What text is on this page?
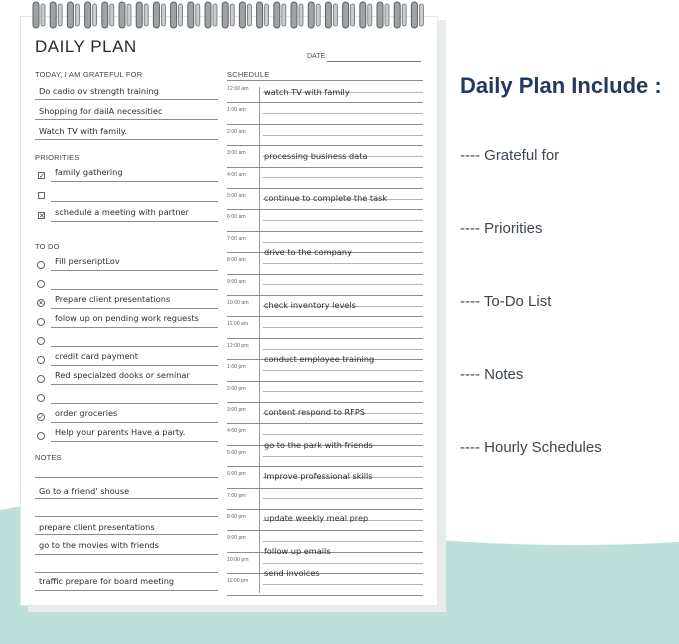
DAILY PLAN
DATE:
TODAY, I AM GRATEFUL FOR
Do cadio ov strength training
Shopping for dailA necessitiec
Watch TV with family.
PRIORITIES
✓ family gathering
✕ schedule a meeting with partner
TO DO
Fill perseriptLov
✕ Prepare client presentations
folow up on pending work reguests
credit card payment
Red specialzed dooks or seminar
✓ order groceries
Help your parents Have a party.
NOTES
Go to a friend' shouse
prepare client presentations
go to the movies with friends
traffic prepare for board meeting
SCHEDULE
12:00 am
1:00 am
2:00 am
3:00 am
4:00 am
5:00 am
6:00 am
7:00 am
8:00 am
9:00 am
10:00 am
11:00 am
12:00 pm
1:00 pm
2:00 pm
3:00 pm
4:00 pm
5:00 pm
6:00 pm
7:00 pm
8:00 pm
9:00 pm
10:00 pm
11:00 pm
watch TV with family
processing business data
continue to complete the task
drive to the company
check inventory levels
conduct employee training
content respond to RFPS
go to the park with friends
Improve professional skills
update weekly meal prep
follow up emails
send invoices
Daily Plan Include :
---- Grateful for
---- Priorities
---- To-Do List
---- Notes
---- Hourly Schedules
